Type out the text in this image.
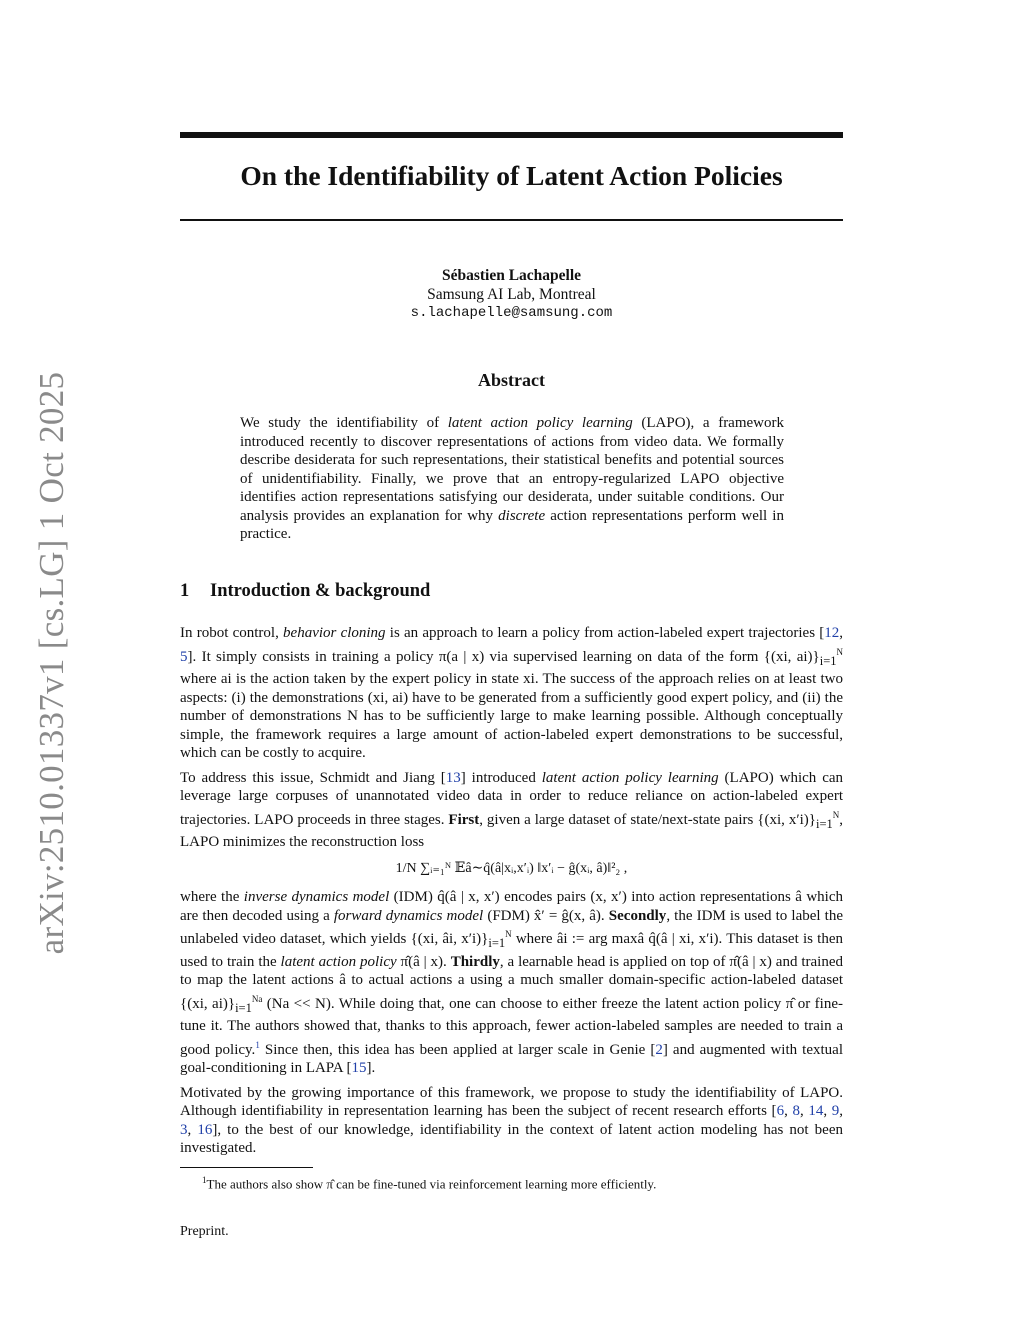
arXiv:2510.01337v1 [cs.LG] 1 Oct 2025
On the Identifiability of Latent Action Policies
Sébastien Lachapelle
Samsung AI Lab, Montreal
s.lachapelle@samsung.com
Abstract
We study the identifiability of latent action policy learning (LAPO), a framework introduced recently to discover representations of actions from video data. We formally describe desiderata for such representations, their statistical benefits and potential sources of unidentifiability. Finally, we prove that an entropy-regularized LAPO objective identifies action representations satisfying our desiderata, under suitable conditions. Our analysis provides an explanation for why discrete action representations perform well in practice.
1 Introduction & background

In robot control, behavior cloning is an approach to learn a policy from action-labeled expert trajectories [12, 5]. It simply consists in training a policy π(a | x) via supervised learning on data of the form {(xi, $ai)\}_{i=1}^N$ where ai is the action taken by the expert policy in state xi. The success of the approach relies on at least two aspects: (i) the demonstrations (xi, ai) have to be generated from a sufficiently good expert policy, and (ii) the number of demonstrations N has to be sufficiently large to make learning possible. Although conceptually simple, the framework requires a large amount of action-labeled expert demonstrations to be successful, which can be costly to acquire.

To address this issue, Schmidt and Jiang [13] introduced latent action policy learning (LAPO) which can leverage large corpuses of unannotated video data in order to reduce reliance on action-labeled expert trajectories. LAPO proceeds in three stages. First, given a large dataset of state/next-state pairs {(xi, $x'i)\}_{i=1}^N$, LAPO minimizes the reconstruction loss

1/N ∑ᵢ₌₁ᴺ 𝔼â∼q̂(â|xᵢ,x′ᵢ) ‖x′ᵢ − ĝ(xᵢ, â)‖²₂ ,

where the inverse dynamics model (IDM) q̂(â | x, x′) encodes pairs (x, x′) into action representations â which are then decoded using a forward dynamics model (FDM) x̂′ = ĝ(x, â). Secondly, the IDM is used to label the unlabeled video dataset, which yields {(xi, âi, $x'i)\}_{i=1}^N$ where âi := arg maxâ q̂(â | xi, x′i). This dataset is then used to train the latent action policy π̂(â | x). Thirdly, a learnable head is applied on top of π̂(â | x) and trained to map the latent actions â to actual actions a using a much smaller domain-specific action-labeled dataset {(xi, $ai)\}_{i=1}^{Na}$ (Na << N). While doing that, one can choose to either freeze the latent action policy π̂ or fine-tune it. The authors showed that, thanks to this approach, fewer action-labeled samples are needed to train a good policy.$^1$ Since then, this idea has been applied at larger scale in Genie [2] and augmented with textual goal-conditioning in LAPA [15].

Motivated by the growing importance of this framework, we propose to study the identifiability of LAPO. Although identifiability in representation learning has been the subject of recent research efforts [6, 8, 14, 9, 3, 16], to the best of our knowledge, identifiability in the context of latent action modeling has not been investigated.

$^1$The authors also show π̂ can be fine-tuned via reinforcement learning more efficiently.
Preprint.
